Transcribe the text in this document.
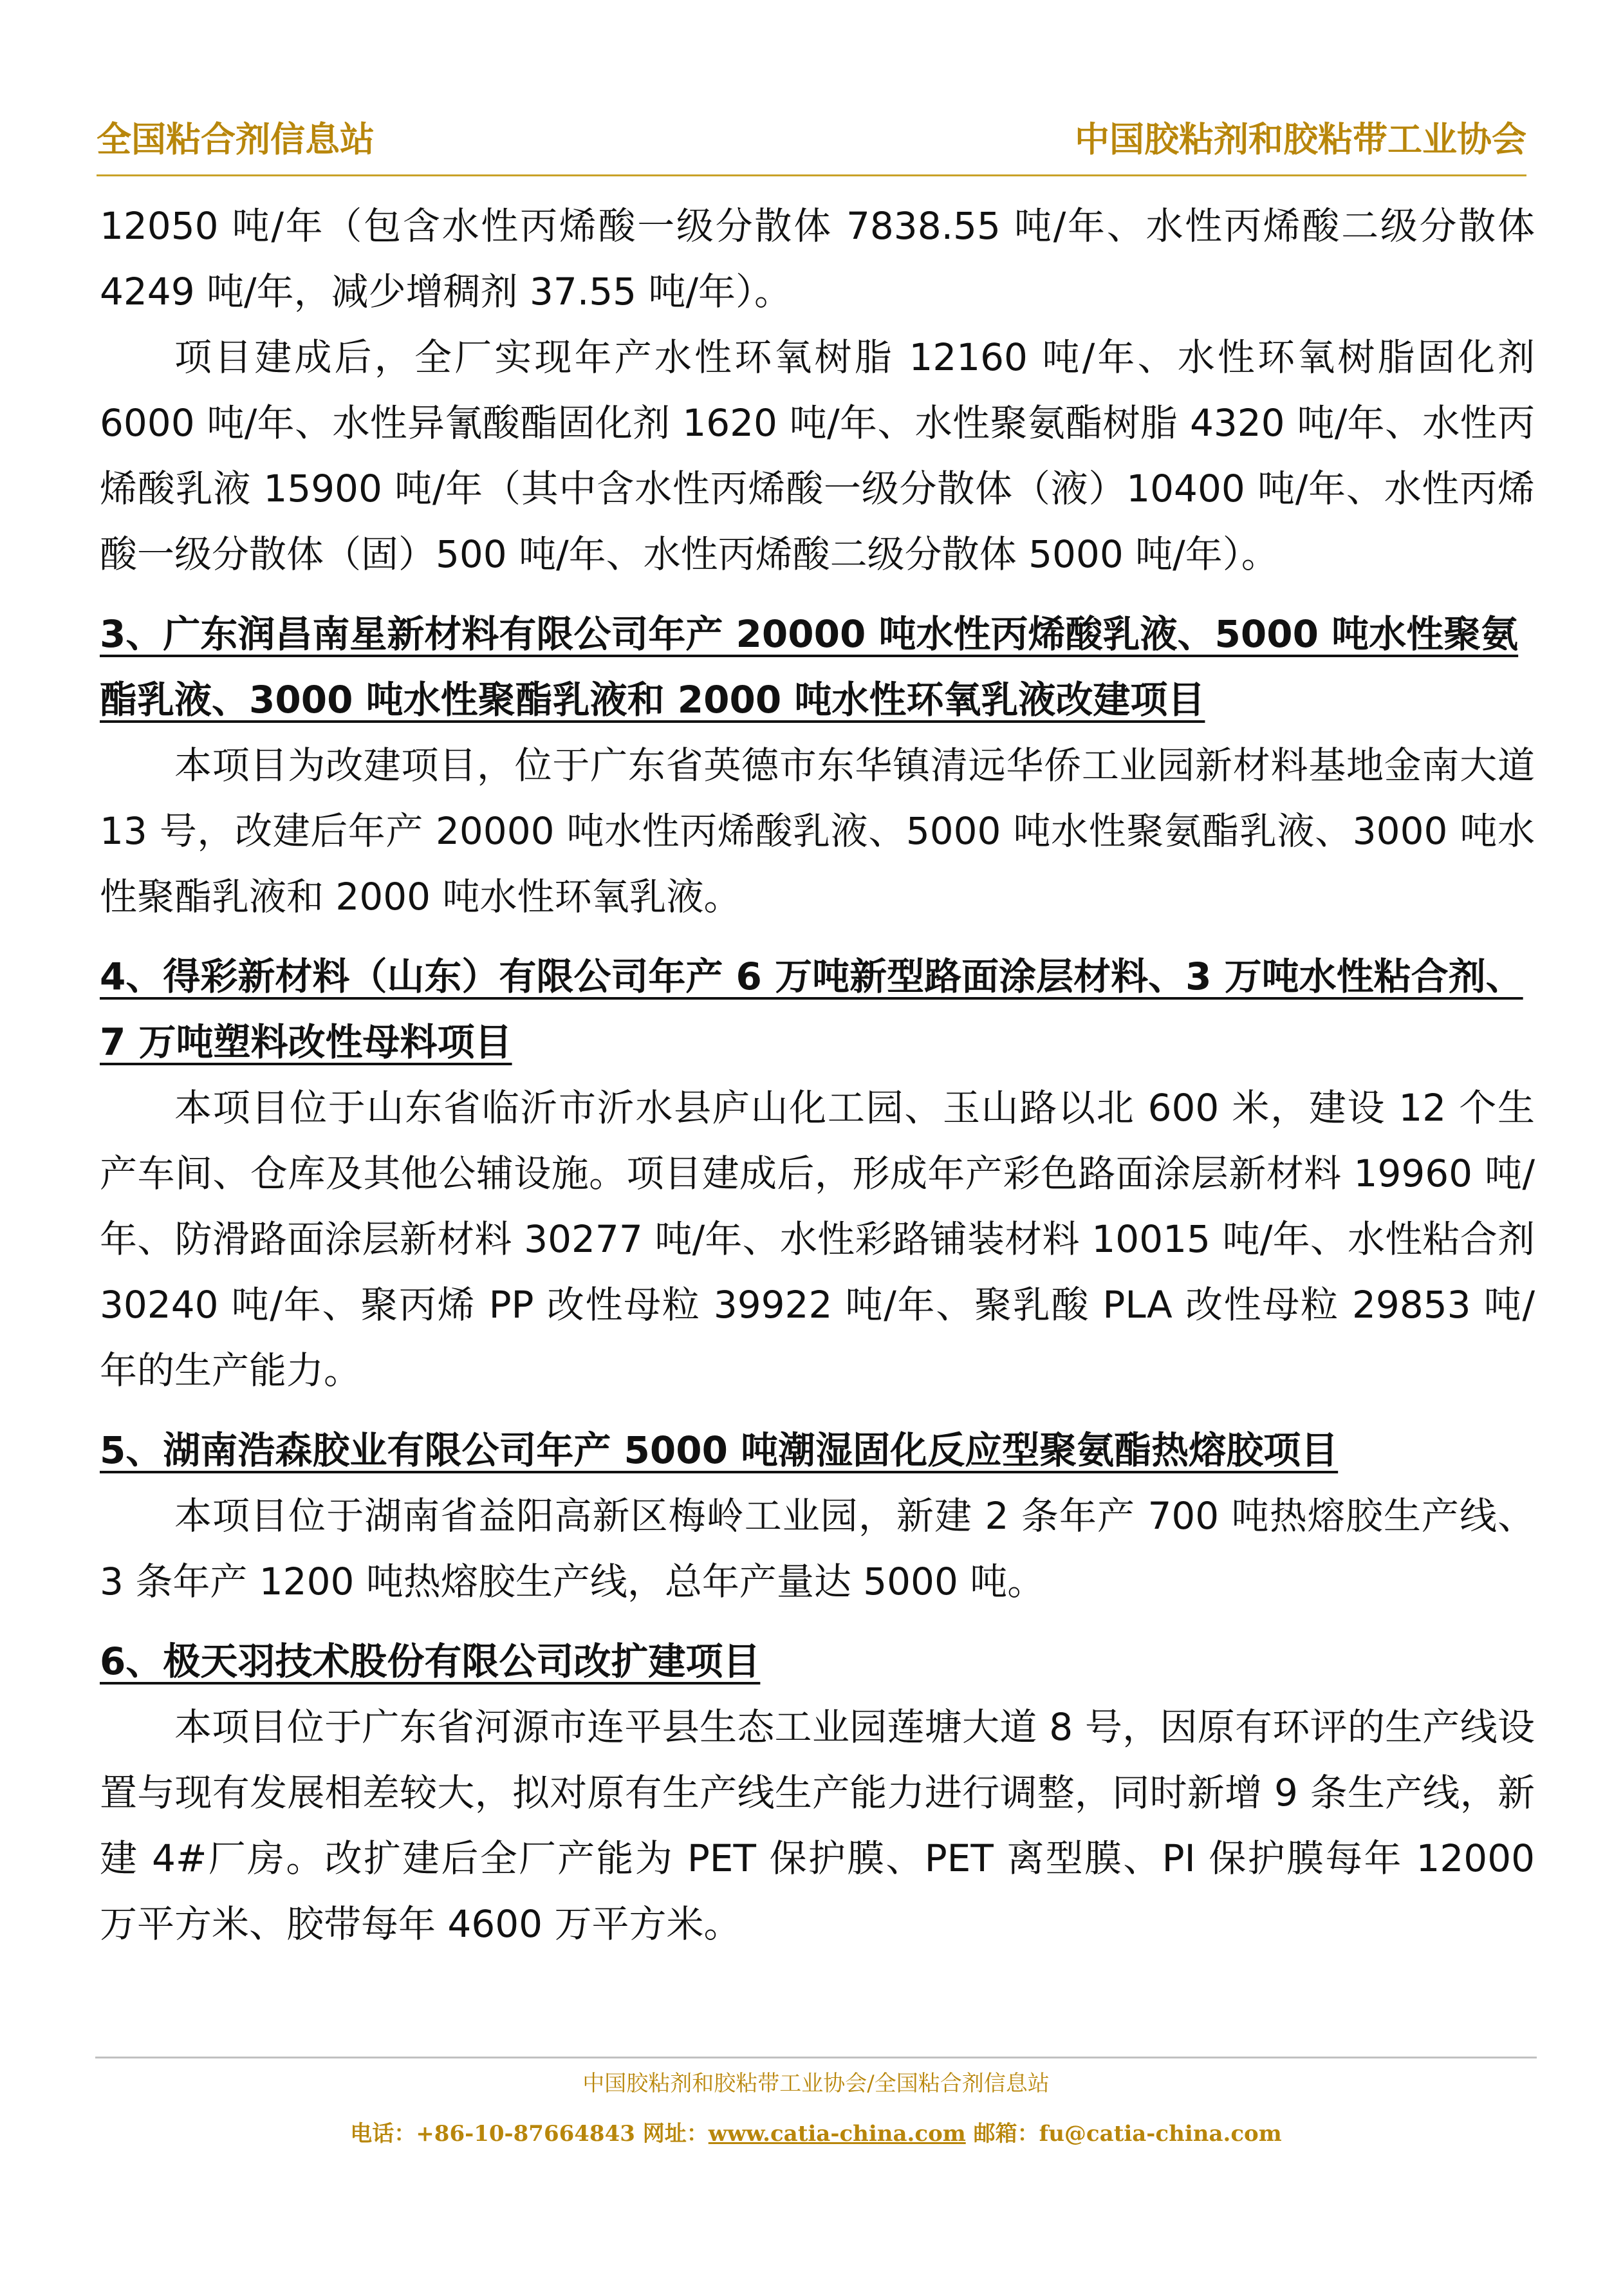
全国粘合剂信息站	中国胶粘剂和胶粘带工业协会

12050 吨/年（包含水性丙烯酸一级分散体 7838.55 吨/年、水性丙烯酸二级分散体 4249 吨/年，减少增稠剂 37.55 吨/年）。

项目建成后，全厂实现年产水性环氧树脂 12160 吨/年、水性环氧树脂固化剂 6000 吨/年、水性异氰酸酯固化剂 1620 吨/年、水性聚氨酯树脂 4320 吨/年、水性丙烯酸乳液 15900 吨/年（其中含水性丙烯酸一级分散体（液）10400 吨/年、水性丙烯酸一级分散体（固）500 吨/年、水性丙烯酸二级分散体 5000 吨/年）。

3、广东润昌南星新材料有限公司年产 20000 吨水性丙烯酸乳液、5000 吨水性聚氨酯乳液、3000 吨水性聚酯乳液和 2000 吨水性环氧乳液改建项目

本项目为改建项目，位于广东省英德市东华镇清远华侨工业园新材料基地金南大道 13 号，改建后年产 20000 吨水性丙烯酸乳液、5000 吨水性聚氨酯乳液、3000 吨水性聚酯乳液和 2000 吨水性环氧乳液。

4、得彩新材料（山东）有限公司年产 6 万吨新型路面涂层材料、3 万吨水性粘合剂、7 万吨塑料改性母料项目

本项目位于山东省临沂市沂水县庐山化工园、玉山路以北 600 米，建设 12 个生产车间、仓库及其他公辅设施。项目建成后，形成年产彩色路面涂层新材料 19960 吨/年、防滑路面涂层新材料 30277 吨/年、水性彩路铺装材料 10015 吨/年、水性粘合剂 30240 吨/年、聚丙烯 PP 改性母粒 39922 吨/年、聚乳酸 PLA 改性母粒 29853 吨/年的生产能力。

5、湖南浩森胶业有限公司年产 5000 吨潮湿固化反应型聚氨酯热熔胶项目

本项目位于湖南省益阳高新区梅岭工业园，新建 2 条年产 700 吨热熔胶生产线、3 条年产 1200 吨热熔胶生产线，总年产量达 5000 吨。

6、极天羽技术股份有限公司改扩建项目

本项目位于广东省河源市连平县生态工业园莲塘大道 8 号，因原有环评的生产线设置与现有发展相差较大，拟对原有生产线生产能力进行调整，同时新增 9 条生产线，新建 4#厂房。改扩建后全厂产能为 PET 保护膜、PET 离型膜、PI 保护膜每年 12000 万平方米、胶带每年 4600 万平方米。

中国胶粘剂和胶粘带工业协会/全国粘合剂信息站
电话：+86-10-87664843 网址：www.catia-china.com 邮箱：fu@catia-china.com
